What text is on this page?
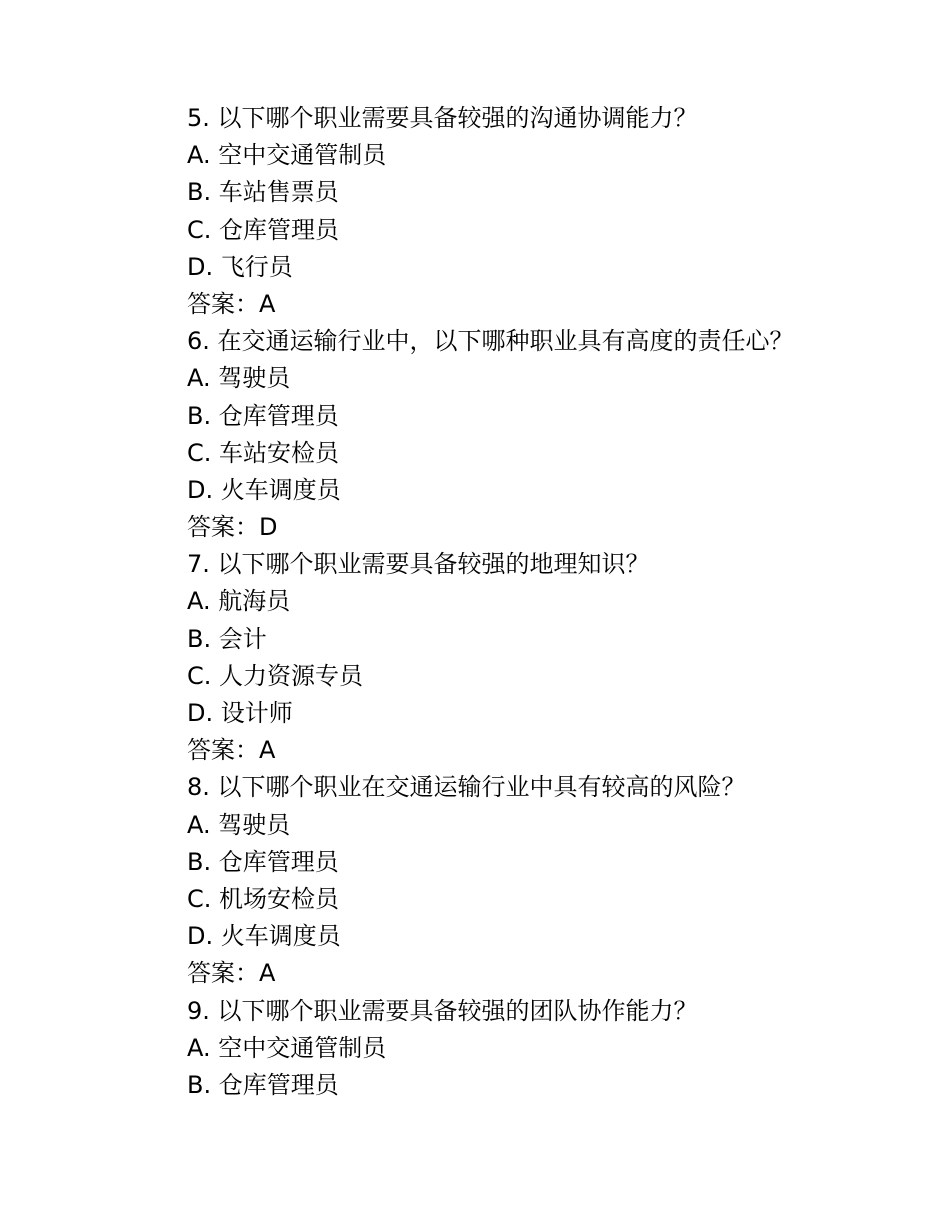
5. 以下哪个职业需要具备较强的沟通协调能力？
A. 空中交通管制员
B. 车站售票员
C. 仓库管理员
D. 飞行员
答案：A
6. 在交通运输行业中，以下哪种职业具有高度的责任心？
A. 驾驶员
B. 仓库管理员
C. 车站安检员
D. 火车调度员
答案：D
7. 以下哪个职业需要具备较强的地理知识？
A. 航海员
B. 会计
C. 人力资源专员
D. 设计师
答案：A
8. 以下哪个职业在交通运输行业中具有较高的风险？
A. 驾驶员
B. 仓库管理员
C. 机场安检员
D. 火车调度员
答案：A
9. 以下哪个职业需要具备较强的团队协作能力？
A. 空中交通管制员
B. 仓库管理员
